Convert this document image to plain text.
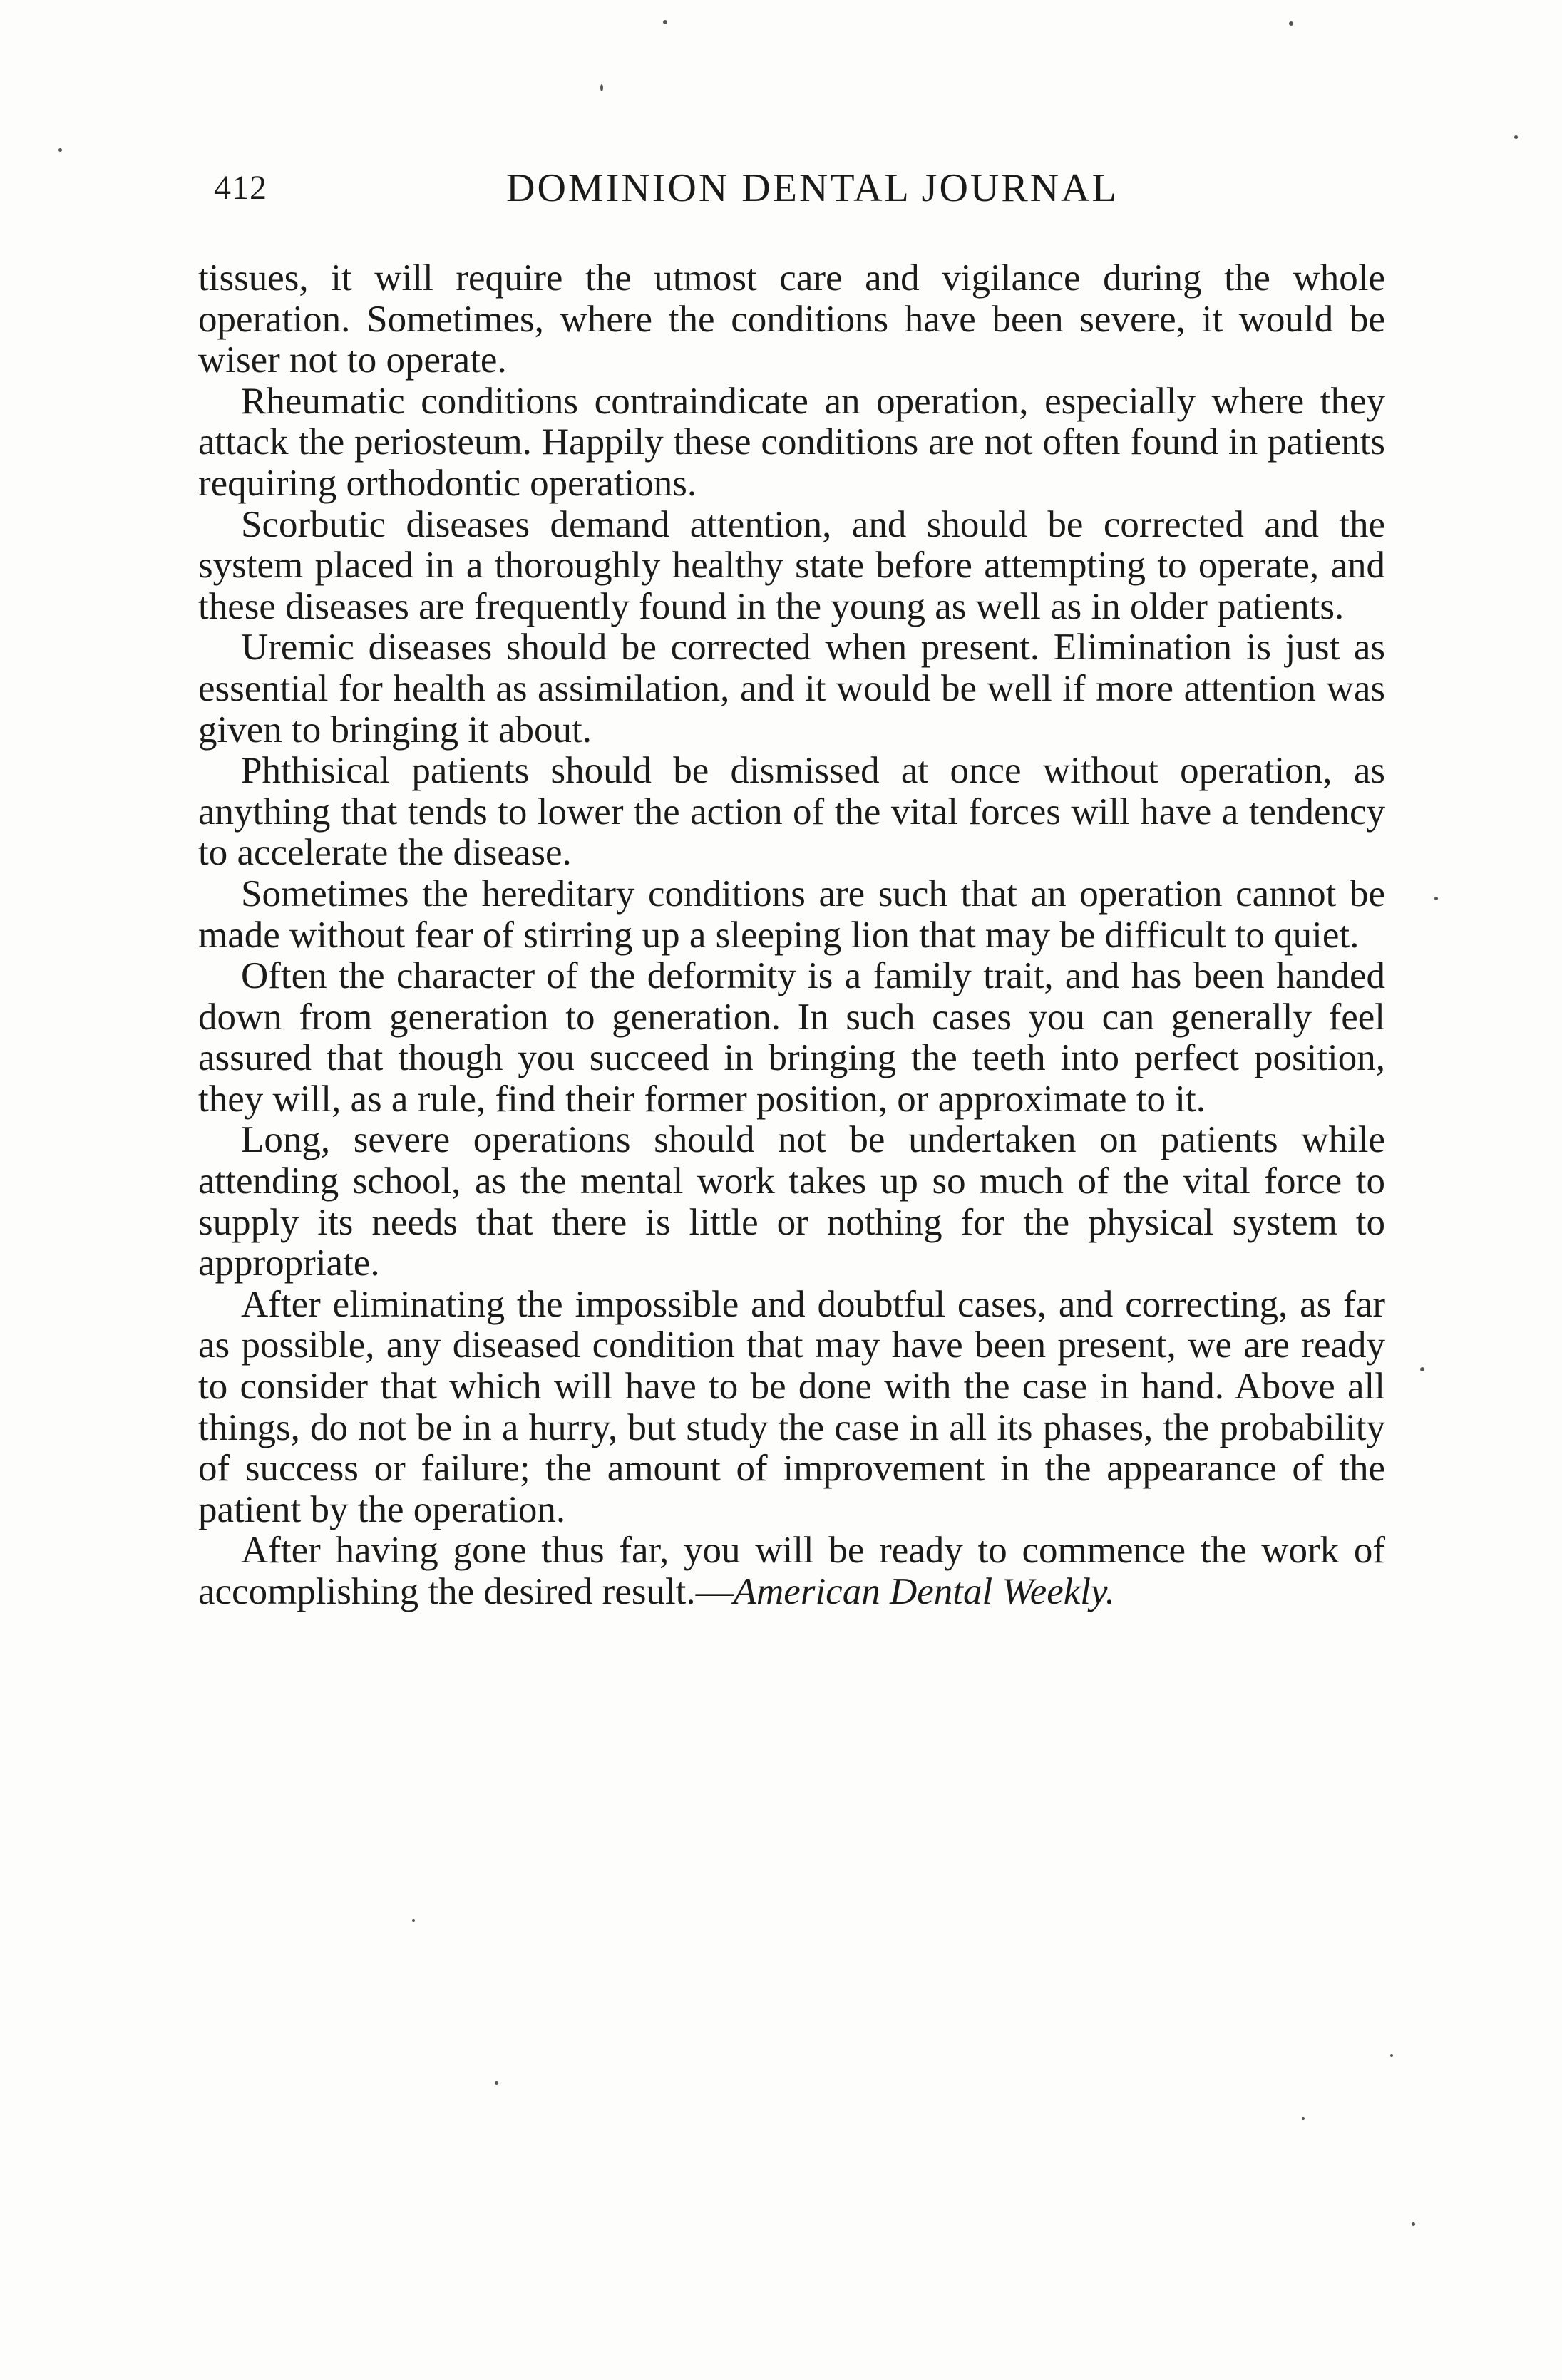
412	DOMINION DENTAL JOURNAL

tissues, it will require the utmost care and vigilance during the whole operation. Sometimes, where the conditions have been severe, it would be wiser not to operate.

Rheumatic conditions contraindicate an operation, especially where they attack the periosteum. Happily these conditions are not often found in patients requiring orthodontic operations.

Scorbutic diseases demand attention, and should be corrected and the system placed in a thoroughly healthy state before attempting to operate, and these diseases are frequently found in the young as well as in older patients.

Uremic diseases should be corrected when present. Elimination is just as essential for health as assimilation, and it would be well if more attention was given to bringing it about.

Phthisical patients should be dismissed at once without operation, as anything that tends to lower the action of the vital forces will have a tendency to accelerate the disease.

Sometimes the hereditary conditions are such that an operation cannot be made without fear of stirring up a sleeping lion that may be difficult to quiet.

Often the character of the deformity is a family trait, and has been handed down from generation to generation. In such cases you can generally feel assured that though you succeed in bringing the teeth into perfect position, they will, as a rule, find their former position, or approximate to it.

Long, severe operations should not be undertaken on patients while attending school, as the mental work takes up so much of the vital force to supply its needs that there is little or nothing for the physical system to appropriate.

After eliminating the impossible and doubtful cases, and correcting, as far as possible, any diseased condition that may have been present, we are ready to consider that which will have to be done with the case in hand. Above all things, do not be in a hurry, but study the case in all its phases, the probability of success or failure; the amount of improvement in the appearance of the patient by the operation.

After having gone thus far, you will be ready to commence the work of accomplishing the desired result.—American Dental Weekly.
